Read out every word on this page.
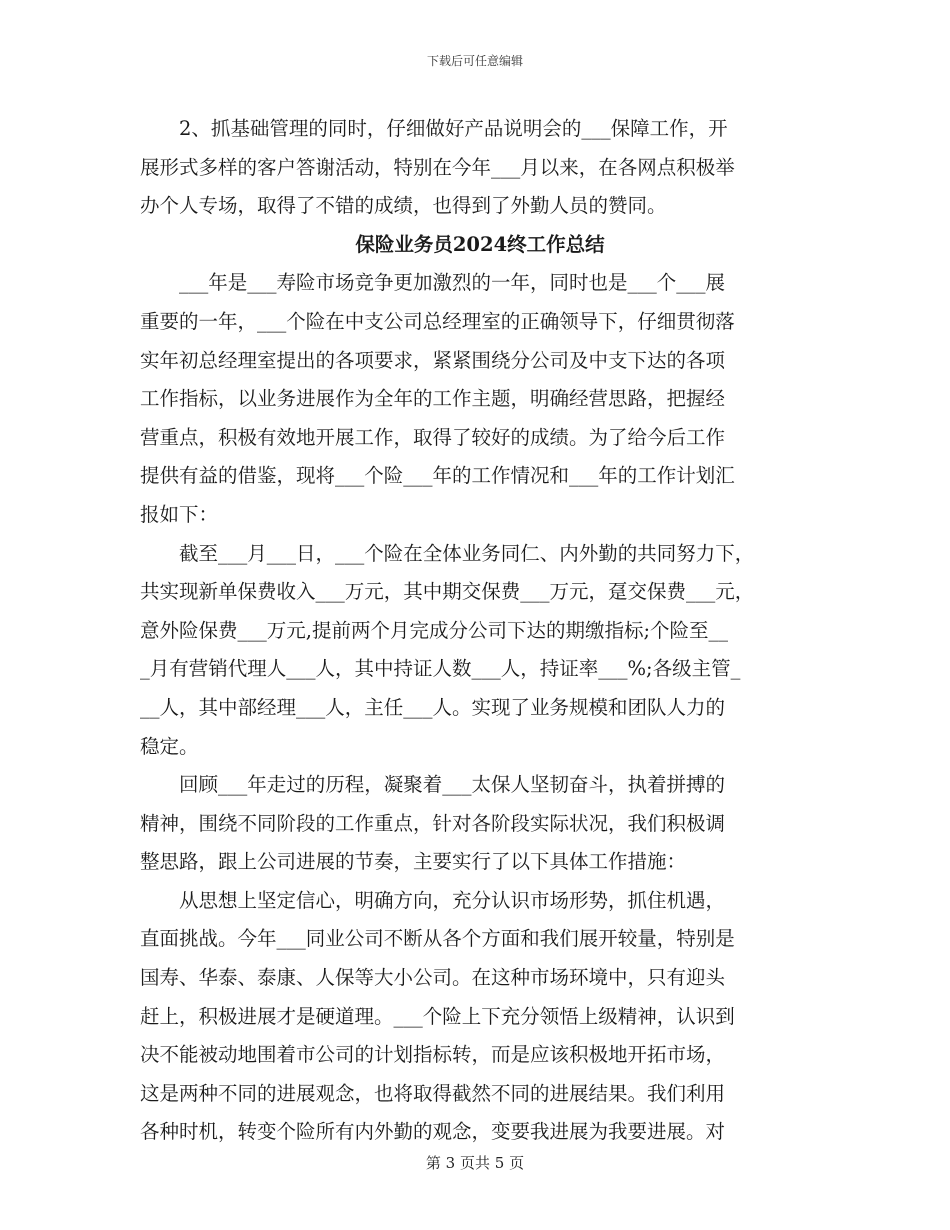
下载后可任意编辑
　　2、抓基础管理的同时，仔细做好产品说明会的___保障工作，开
展形式多样的客户答谢活动，特别在今年___月以来，在各网点积极举
办个人专场，取得了不错的成绩，也得到了外勤人员的赞同。
保险业务员2024终工作总结
　　___年是___寿险市场竞争更加激烈的一年，同时也是___个___展
重要的一年，___个险在中支公司总经理室的正确领导下，仔细贯彻落
实年初总经理室提出的各项要求，紧紧围绕分公司及中支下达的各项
工作指标，以业务进展作为全年的工作主题，明确经营思路，把握经
营重点，积极有效地开展工作，取得了较好的成绩。为了给今后工作
提供有益的借鉴，现将___个险___年的工作情况和___年的工作计划汇
报如下：
　　截至___月___日，___个险在全体业务同仁、内外勤的共同努力下，
共实现新单保费收入___万元，其中期交保费___万元，趸交保费___元，
意外险保费___万元,提前两个月完成分公司下达的期缴指标;个险至__
_月有营销代理人___人，其中持证人数___人，持证率___%;各级主管_
__人，其中部经理___人，主任___人。实现了业务规模和团队人力的
稳定。
　　回顾___年走过的历程，凝聚着___太保人坚韧奋斗，执着拼搏的
精神，围绕不同阶段的工作重点，针对各阶段实际状况，我们积极调
整思路，跟上公司进展的节奏，主要实行了以下具体工作措施：
　　从思想上坚定信心，明确方向，充分认识市场形势，抓住机遇，
直面挑战。今年___同业公司不断从各个方面和我们展开较量，特别是
国寿、华泰、泰康、人保等大小公司。在这种市场环境中，只有迎头
赶上，积极进展才是硬道理。___个险上下充分领悟上级精神，认识到
决不能被动地围着市公司的计划指标转，而是应该积极地开拓市场，
这是两种不同的进展观念，也将取得截然不同的进展结果。我们利用
各种时机，转变个险所有内外勤的观念，变要我进展为我要进展。对
第 3 页共 5 页
